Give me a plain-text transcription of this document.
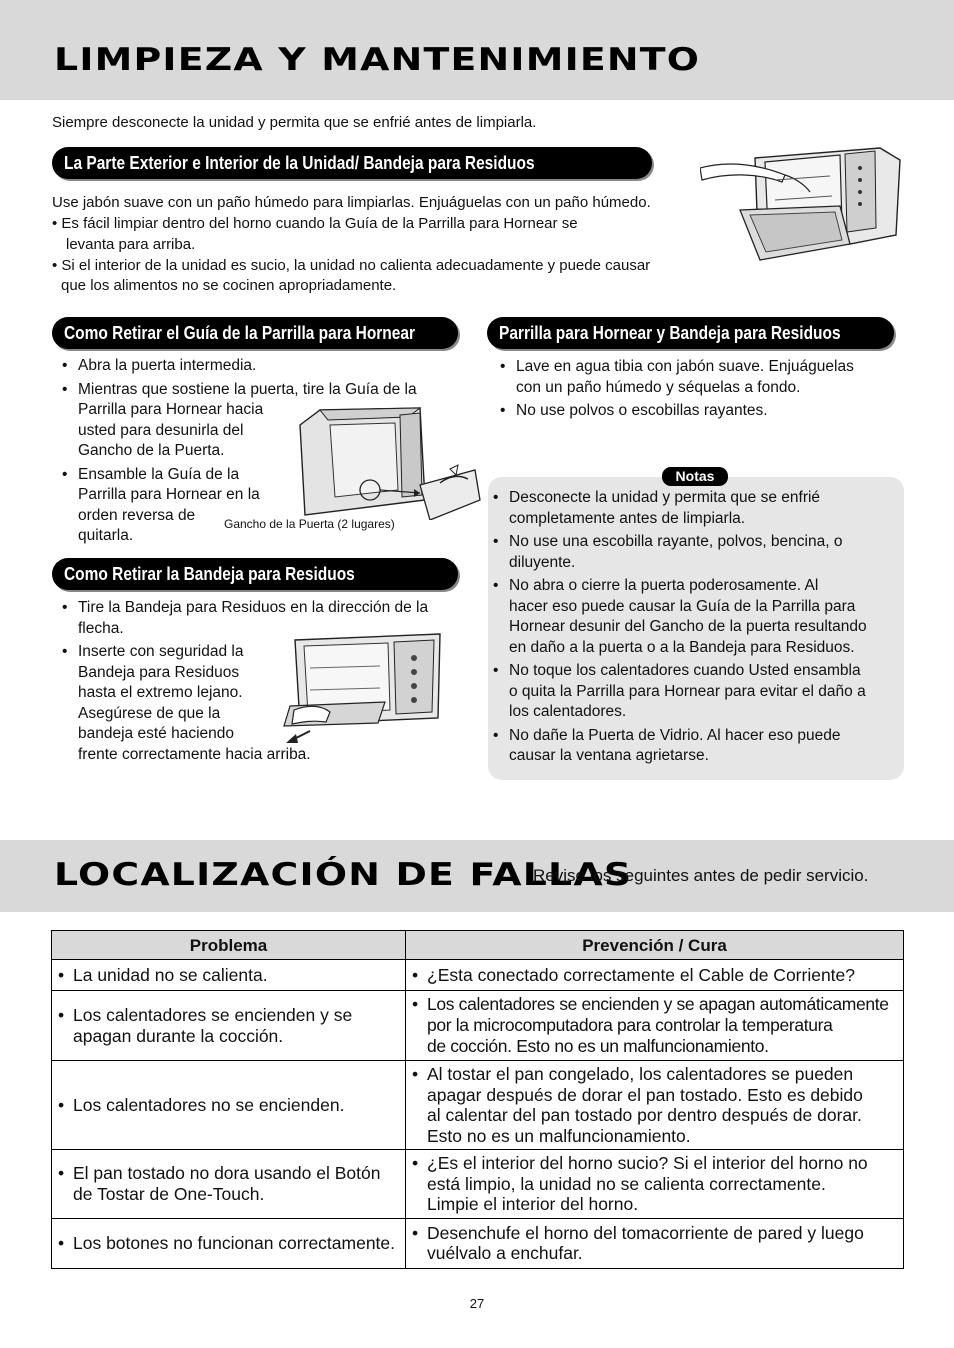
LIMPIEZA Y MANTENIMIENTO
Siempre desconecte la unidad y permita que se enfrié antes de limpiarla.
La Parte Exterior e Interior de la Unidad/ Bandeja para Residuos
Use jabón suave con un paño húmedo para limpiarlas. Enjuáguelas con un paño húmedo.
• Es fácil limpiar dentro del horno cuando la Guía de la Parrilla para Hornear se
levanta para arriba.
• Si el interior de la unidad es sucio, la unidad no calienta adecuadamente y puede causar
que los alimentos no se cocinen apropriadamente.
Como Retirar el Guía de la Parrilla para Hornear
• Abra la puerta intermedia.
• Mientras que sostiene la puerta, tire la Guía de la
Parrilla para Hornear hacia
usted para desunirla del
Gancho de la Puerta.
• Ensamble la Guía de la
Parrilla para Hornear en la
orden reversa de
quitarla.
Gancho de la Puerta (2 lugares)
Parrilla para Hornear y Bandeja para Residuos
• Lave en agua tibia con jabón suave. Enjuáguelas
con un paño húmedo y séquelas a fondo.
• No use polvos o escobillas rayantes.
Notas
• Desconecte la unidad y permita que se enfrié
completamente antes de limpiarla.
• No use una escobilla rayante, polvos, bencina, o
diluyente.
• No abra o cierre la puerta poderosamente. Al
hacer eso puede causar la Guía de la Parrilla para
Hornear desunir del Gancho de la puerta resultando
en daño a la puerta o a la Bandeja para Residuos.
• No toque los calentadores cuando Usted ensambla
o quita la Parrilla para Hornear para evitar el daño a
los calentadores.
• No dañe la Puerta de Vidrio. Al hacer eso puede
causar la ventana agrietarse.
Como Retirar la Bandeja para Residuos
• Tire la Bandeja para Residuos en la dirección de la
flecha.
• Inserte con seguridad la
Bandeja para Residuos
hasta el extremo lejano.
Asegúrese de que la
bandeja esté haciendo
frente correctamente hacia arriba.
LOCALIZACIÓN DE FALLAS
Revise los seguintes antes de pedir servicio.
Problema	Prevención / Cura

• La unidad no se calienta.	• ¿Esta conectado correctamente el Cable de Corriente?

• Los calentadores se encienden y se
apagan durante la cocción.	• Los calentadores se encienden y se apagan automáticamente
por la microcomputadora para controlar la temperatura
de cocción. Esto no es un malfuncionamiento.

• Los calentadores no se encienden.	• Al tostar el pan congelado, los calentadores se pueden
apagar después de dorar el pan tostado. Esto es debido
al calentar del pan tostado por dentro después de dorar.
Esto no es un malfuncionamiento.

• El pan tostado no dora usando el Botón
de Tostar de One-Touch.	• ¿Es el interior del horno sucio? Si el interior del horno no
está limpio, la unidad no se calienta correctamente.
Limpie el interior del horno.

• Los botones no funcionan correctamente.	• Desenchufe el horno del tomacorriente de pared y luego
vuélvalo a enchufar.
27
